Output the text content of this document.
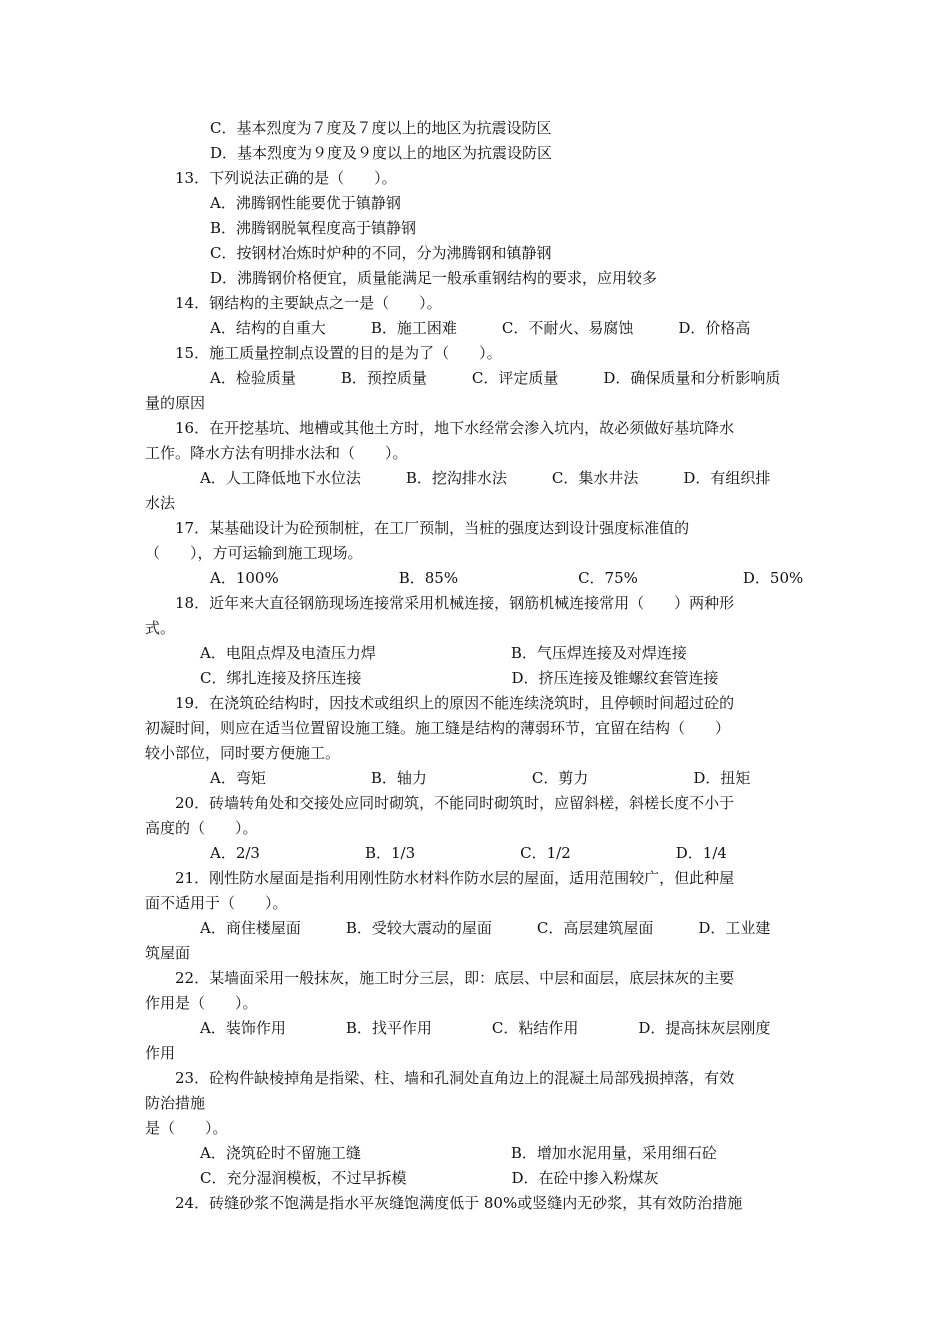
C．基本烈度为７度及７度以上的地区为抗震设防区
D．基本烈度为９度及９度以上的地区为抗震设防区
13．下列说法正确的是（　　）。
A．沸腾钢性能要优于镇静钢
B．沸腾钢脱氧程度高于镇静钢
C．按钢材冶炼时炉种的不同，分为沸腾钢和镇静钢
D．沸腾钢价格便宜，质量能满足一般承重钢结构的要求，应用较多
14．钢结构的主要缺点之一是（　　）。
A．结构的自重大　　　B．施工困难　　　C．不耐火、易腐蚀　　　D．价格高
15．施工质量控制点设置的目的是为了（　　）。
A．检验质量　　　B．预控质量　　　C．评定质量　　　D．确保质量和分析影响质
量的原因
16．在开挖基坑、地槽或其他土方时，地下水经常会渗入坑内，故必须做好基坑降水
工作。降水方法有明排水法和（　　）。
A．人工降低地下水位法　　　B．挖沟排水法　　　C．集水井法　　　D．有组织排
水法
17．某基础设计为砼预制桩，在工厂预制，当桩的强度达到设计强度标准值的
（　　），方可运输到施工现场。
A．100%　　　　　　　　B．85%　　　　　　　　C．75%　　　　　　　D．50%
18．近年来大直径钢筋现场连接常采用机械连接，钢筋机械连接常用（　　）两种形
式。
A．电阻点焊及电渣压力焊　　　　　　　　　B．气压焊连接及对焊连接
C．绑扎连接及挤压连接　　　　　　　　　　D．挤压连接及锥螺纹套管连接
19．在浇筑砼结构时，因技术或组织上的原因不能连续浇筑时，且停顿时间超过砼的
初凝时间，则应在适当位置留设施工缝。施工缝是结构的薄弱环节，宜留在结构（　　）
较小部位，同时要方便施工。
A．弯矩　　　　　　　B．轴力　　　　　　　C．剪力　　　　　　　D．扭矩
20．砖墙转角处和交接处应同时砌筑，不能同时砌筑时，应留斜槎，斜槎长度不小于
高度的（　　）。
A．2/3　　　　　　　B．1/3　　　　　　　C．1/2　　　　　　　D．1/4
21．刚性防水屋面是指利用刚性防水材料作防水层的屋面，适用范围较广，但此种屋
面不适用于（　　）。
A．商住楼屋面　　　B．受较大震动的屋面　　　C．高层建筑屋面　　　D．工业建
筑屋面
22．某墙面采用一般抹灰，施工时分三层，即：底层、中层和面层，底层抹灰的主要
作用是（　　）。
A．装饰作用　　　　B．找平作用　　　　C．粘结作用　　　　D．提高抹灰层刚度
作用
23．砼构件缺棱掉角是指梁、柱、墙和孔洞处直角边上的混凝土局部残损掉落，有效
防治措施
是（　　）。
A．浇筑砼时不留施工缝　　　　　　　　　　B．增加水泥用量，采用细石砼
C．充分湿润模板，不过早拆模　　　　　　　D．在砼中掺入粉煤灰
24．砖缝砂浆不饱满是指水平灰缝饱满度低于 80%或竖缝内无砂浆，其有效防治措施
